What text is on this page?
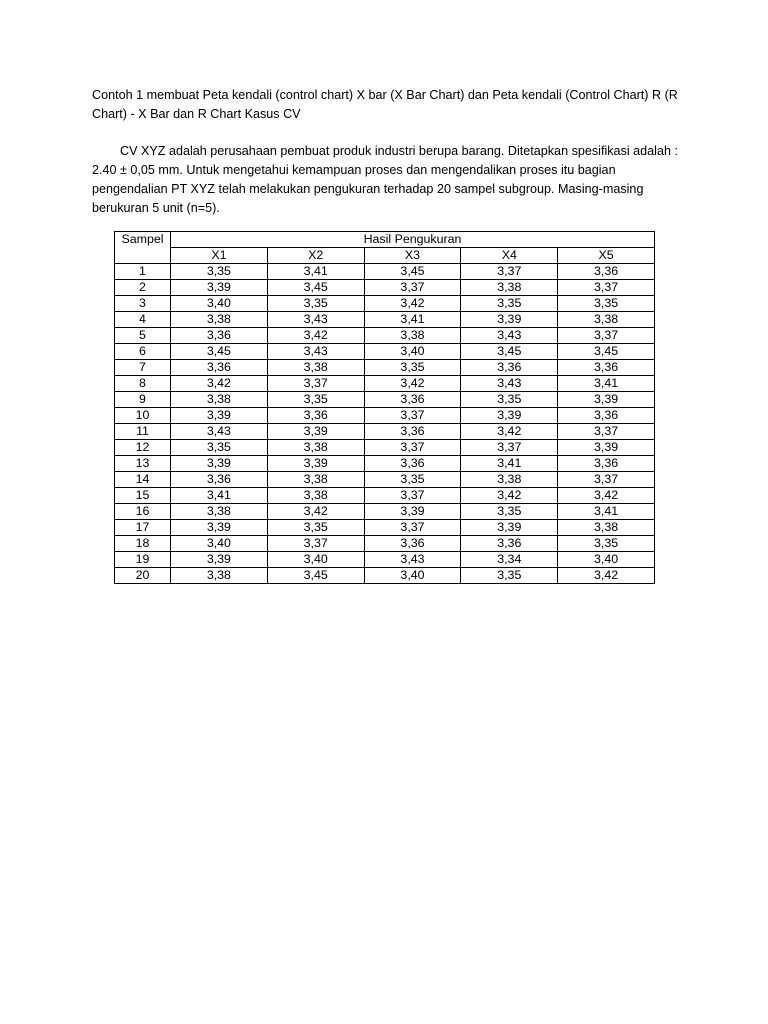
Contoh 1 membuat Peta kendali (control chart) X bar (X Bar Chart) dan Peta kendali (Control Chart) R (R Chart) - X Bar dan R Chart Kasus CV

CV XYZ adalah perusahaan pembuat produk industri berupa barang. Ditetapkan spesifikasi adalah : 2.40 ± 0,05 mm. Untuk mengetahui kemampuan proses dan mengendalikan proses itu bagian pengendalian PT XYZ telah melakukan pengukuran terhadap 20 sampel subgroup. Masing-masing berukuran 5 unit (n=5).

Sampel	Hasil Pengukuran				
	X1	X2	X3	X4	X5
1	3,35	3,41	3,45	3,37	3,36
2	3,39	3,45	3,37	3,38	3,37
3	3,40	3,35	3,42	3,35	3,35
4	3,38	3,43	3,41	3,39	3,38
5	3,36	3,42	3,38	3,43	3,37
6	3,45	3,43	3,40	3,45	3,45
7	3,36	3,38	3,35	3,36	3,36
8	3,42	3,37	3,42	3,43	3,41
9	3,38	3,35	3,36	3,35	3,39
10	3,39	3,36	3,37	3,39	3,36
11	3,43	3,39	3,36	3,42	3,37
12	3,35	3,38	3,37	3,37	3,39
13	3,39	3,39	3,36	3,41	3,36
14	3,36	3,38	3,35	3,38	3,37
15	3,41	3,38	3,37	3,42	3,42
16	3,38	3,42	3,39	3,35	3,41
17	3,39	3,35	3,37	3,39	3,38
18	3,40	3,37	3,36	3,36	3,35
19	3,39	3,40	3,43	3,34	3,40
20	3,38	3,45	3,40	3,35	3,42
